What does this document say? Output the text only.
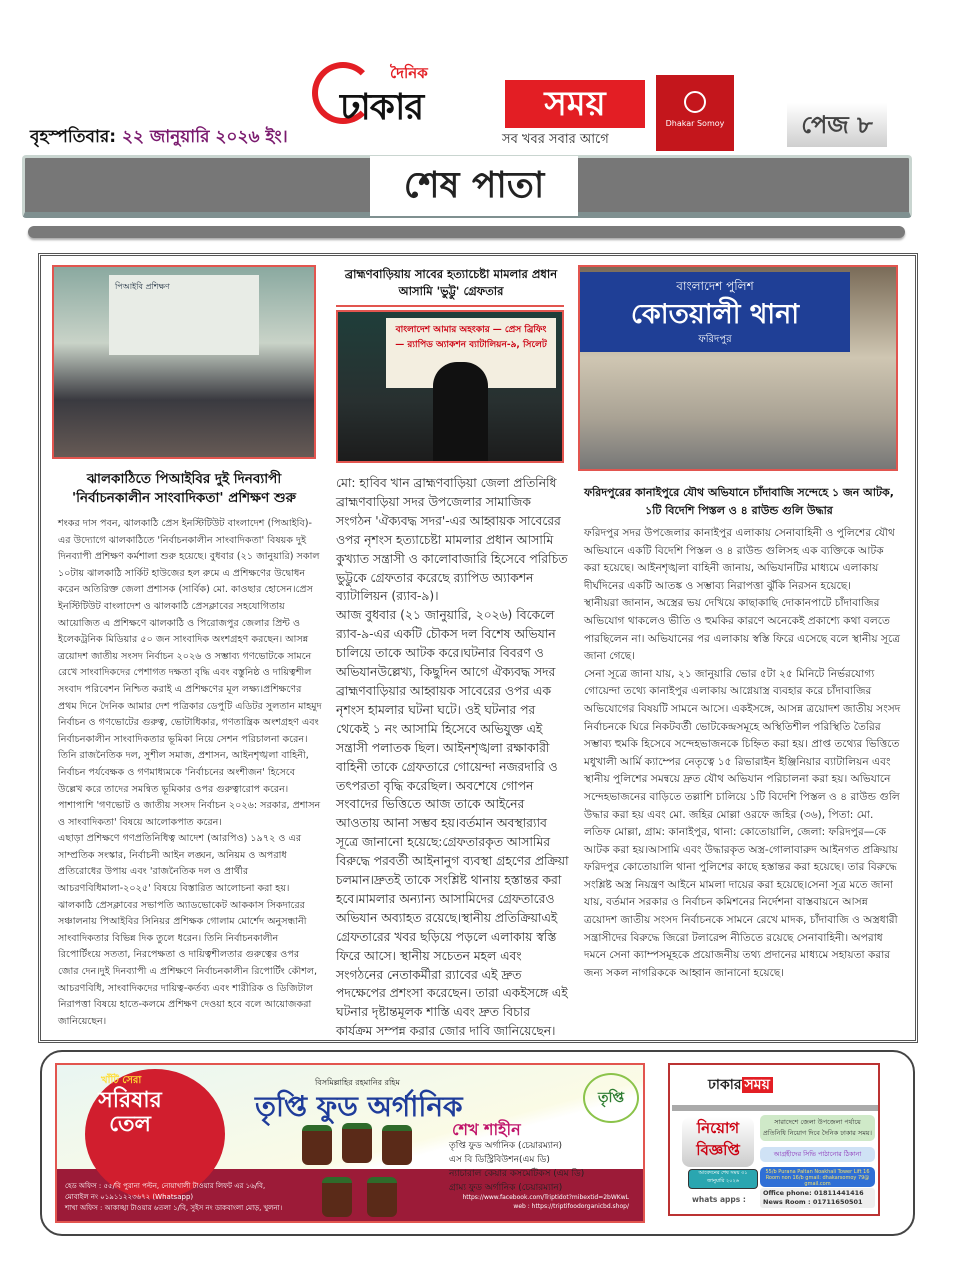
দৈনিক
ঢাকার	সময়
সব খবর সবার আগে
Dhakar Somoy	পেজ ৮
বৃহস্পতিবার: ২২ জানুয়ারি ২০২৬ ইং।
শেষ পাতা
পিআইবি প্রশিক্ষণ
ঝালকাঠিতে পিআইবির দুই দিনব্যাপী 'নির্বাচনকালীন সাংবাদিকতা' প্রশিক্ষণ শুরু

শংকর দাস পবন, ঝালকাঠি প্রেস ইনস্টিটিউট বাংলাদেশ (পিআইবি)-এর উদ্যোগে ঝালকাঠিতে 'নির্বাচনকালীন সাংবাদিকতা' বিষয়ক দুই দিনব্যাপী প্রশিক্ষণ কর্মশালা শুরু হয়েছে। বুধবার (২১ জানুয়ারি) সকাল ১০টায় ঝালকাঠি সার্কিট হাউজের হল রুমে এ প্রশিক্ষণের উদ্বোধন করেন অতিরিক্ত জেলা প্রশাসক (সার্বিক) মো. কাওছার হোসেন।প্রেস ইনস্টিটিউট বাংলাদেশ ও ঝালকাঠি প্রেসক্লাবের সহযোগিতায় আয়োজিত এ প্রশিক্ষণে ঝালকাঠি ও পিরোজপুর জেলার প্রিন্ট ও ইলেকট্রনিক মিডিয়ার ৫০ জন সাংবাদিক অংশগ্রহণ করছেন। আসন্ন ত্রয়োদশ জাতীয় সংসদ নির্বাচন ২০২৬ ও সম্ভাব্য গণভোটকে সামনে রেখে সাংবাদিকদের পেশাগত দক্ষতা বৃদ্ধি এবং বস্তুনিষ্ঠ ও দায়িত্বশীল সংবাদ পরিবেশন নিশ্চিত করাই এ প্রশিক্ষণের মূল লক্ষ্য।প্রশিক্ষণের প্রথম দিনে দৈনিক আমার দেশ পত্রিকার ডেপুটি এডিটর সুলতান মাহমুদ নির্বাচন ও গণভোটের গুরুত্ব, ভোটাধিকার, গণতান্ত্রিক অংশগ্রহণ এবং নির্বাচনকালীন সাংবাদিকতার ভূমিকা নিয়ে সেশন পরিচালনা করেন। তিনি রাজনৈতিক দল, সুশীল সমাজ, প্রশাসন, আইনশৃঙ্খলা বাহিনী, নির্বাচন পর্যবেক্ষক ও গণমাধ্যমকে 'নির্বাচনের অংশীজন' হিসেবে উল্লেখ করে তাদের সমন্বিত ভূমিকার ওপর গুরুত্বারোপ করেন। পাশাপাশি 'গণভোট ও জাতীয় সংসদ নির্বাচন ২০২৬: সরকার, প্রশাসন ও সাংবাদিকতা' বিষয়ে আলোকপাত করেন।

এছাড়া প্রশিক্ষণে গণপ্রতিনিধিত্ব আদেশ (আরপিও) ১৯৭২ ও এর সাম্প্রতিক সংস্কার, নির্বাচনী আইন লঙ্ঘন, অনিয়ম ও অপরাধ প্রতিরোধের উপায় এবং 'রাজনৈতিক দল ও প্রার্থীর আচরণবিধিমালা-২০২৫' বিষয়ে বিস্তারিত আলোচনা করা হয়।ঝালকাঠি প্রেসক্লাবের সভাপতি অ্যাডভোকেট আককাস সিকদারের সঞ্চালনায় পিআইবির সিনিয়র প্রশিক্ষক গোলাম মোর্শেদ অনুসন্ধানী সাংবাদিকতার বিভিন্ন দিক তুলে ধরেন। তিনি নির্বাচনকালীন রিপোর্টিংয়ে সততা, নিরপেক্ষতা ও দায়িত্বশীলতার গুরুত্বের ওপর জোর দেন।দুই দিনব্যাপী এ প্রশিক্ষণে নির্বাচনকালীন রিপোর্টিং কৌশল, আচরণবিধি, সাংবাদিকদের দায়িত্ব-কর্তব্য এবং শারীরিক ও ডিজিটাল নিরাপত্তা বিষয়ে হাতে-কলমে প্রশিক্ষণ দেওয়া হবে বলে আয়োজকরা জানিয়েছেন।

ব্রাহ্মণবাড়িয়ায় সাবের হত্যাচেষ্টা মামলার প্রধান আসামি 'ভুট্টু' গ্রেফতার
বাংলাদেশ আমার অহংকার — প্রেস ব্রিফিং — র‍্যাপিড অ্যাকশন ব্যাটালিয়ন-৯, সিলেট

মো: হাবিব খান ব্রাহ্মণবাড়িয়া জেলা প্রতিনিধি ব্রাহ্মণবাড়িয়া সদর উপজেলার সামাজিক সংগঠন 'ঐক্যবদ্ধ সদর'-এর আহ্বায়ক সাবেরের ওপর নৃশংস হত্যাচেষ্টা মামলার প্রধান আসামি কুখ্যাত সন্ত্রাসী ও কালোবাজারি হিসেবে পরিচিত ভুট্টুকে গ্রেফতার করেছে র‍্যাপিড অ্যাকশন ব্যাটালিয়ন (র‍্যাব-৯)।

আজ বুধবার (২১ জানুয়ারি, ২০২৬) বিকেলে র‍্যাব-৯-এর একটি চৌকস দল বিশেষ অভিযান চালিয়ে তাকে আটক করে।ঘটনার বিবরণ ও অভিযানউল্লেখ্য, কিছুদিন আগে ঐক্যবদ্ধ সদর ব্রাহ্মণবাড়িয়ার আহ্বায়ক সাবেরের ওপর এক নৃশংস হামলার ঘটনা ঘটে। ওই ঘটনার পর থেকেই ১ নং আসামি হিসেবে অভিযুক্ত এই সন্ত্রাসী পলাতক ছিল। আইনশৃঙ্খলা রক্ষাকারী বাহিনী তাকে গ্রেফতারে গোয়েন্দা নজরদারি ও তৎপরতা বৃদ্ধি করেছিল। অবশেষে গোপন সংবাদের ভিত্তিতে আজ তাকে আইনের আওতায় আনা সম্ভব হয়।বর্তমান অবস্থার‍্যাব সূত্রে জানানো হয়েছে:গ্রেফতারকৃত আসামির বিরুদ্ধে পরবর্তী আইনানুগ ব্যবস্থা গ্রহণের প্রক্রিয়া চলমান।দ্রুতই তাকে সংশ্লিষ্ট থানায় হস্তান্তর করা হবে।মামলার অন্যান্য আসামিদের গ্রেফতারেও অভিযান অব্যাহত রয়েছে।স্থানীয় প্রতিক্রিয়াএই গ্রেফতারের খবর ছড়িয়ে পড়লে এলাকায় স্বস্তি ফিরে আসে। স্থানীয় সচেতন মহল এবং সংগঠনের নেতাকর্মীরা র‍্যাবের এই দ্রুত পদক্ষেপের প্রশংসা করেছেন। তারা একইসঙ্গে এই ঘটনার দৃষ্টান্তমূলক শাস্তি এবং দ্রুত বিচার কার্যক্রম সম্পন্ন করার জোর দাবি জানিয়েছেন।

বাংলাদেশ পুলিশ
কোতয়ালী থানা
ফরিদপুর
ফরিদপুরের কানাইপুরে যৌথ অভিযানে চাঁদাবাজি সন্দেহে ১ জন আটক, ১টি বিদেশি পিস্তল ও ৪ রাউন্ড গুলি উদ্ধার

ফরিদপুর সদর উপজেলার কানাইপুর এলাকায় সেনাবাহিনী ও পুলিশের যৌথ অভিযানে একটি বিদেশি পিস্তল ও ৪ রাউন্ড গুলিসহ এক ব্যক্তিকে আটক করা হয়েছে। আইনশৃঙ্খলা বাহিনী জানায়, অভিযানটির মাধ্যমে এলাকায় দীর্ঘদিনের একটি আতঙ্ক ও সম্ভাব্য নিরাপত্তা ঝুঁকি নিরসন হয়েছে।

স্থানীয়রা জানান, অস্ত্রের ভয় দেখিয়ে কাছাকাছি দোকানপাটে চাঁদাবাজির অভিযোগ থাকলেও ভীতি ও হুমকির কারণে অনেকেই প্রকাশ্যে কথা বলতে পারছিলেন না। অভিযানের পর এলাকায় স্বস্তি ফিরে এসেছে বলে স্থানীয় সূত্রে জানা গেছে।

সেনা সূত্রে জানা যায়, ২১ জানুয়ারি ভোর ৫টা ২৫ মিনিটে নির্ভরযোগ্য গোয়েন্দা তথ্যে কানাইপুর এলাকায় আগ্নেয়াস্ত্র ব্যবহার করে চাঁদাবাজির অভিযোগের বিষয়টি সামনে আসে। একইসঙ্গে, আসন্ন ত্রয়োদশ জাতীয় সংসদ নির্বাচনকে ঘিরে নিকটবর্তী ভোটকেন্দ্রসমূহে অস্থিতিশীল পরিস্থিতি তৈরির সম্ভাব্য হুমকি হিসেবে সন্দেহভাজনকে চিহ্নিত করা হয়। প্রাপ্ত তথ্যের ভিত্তিতে মধুখালী আর্মি ক্যাম্পের নেতৃত্বে ১৫ রিভারাইন ইঞ্জিনিয়ার ব্যাটালিয়ন এবং স্থানীয় পুলিশের সমন্বয়ে দ্রুত যৌথ অভিযান পরিচালনা করা হয়। অভিযানে সন্দেহভাজনের বাড়িতে তল্লাশি চালিয়ে ১টি বিদেশি পিস্তল ও ৪ রাউন্ড গুলি উদ্ধার করা হয় এবং মো. জহির মোল্লা ওরফে জহির (৩৬), পিতা: মো. লতিফ মোল্লা, গ্রাম: কানাইপুর, থানা: কোতোয়ালি, জেলা: ফরিদপুর—কে আটক করা হয়।আসামি এবং উদ্ধারকৃত অস্ত্র-গোলাবারুদ আইনগত প্রক্রিয়ায় ফরিদপুর কোতোয়ালি থানা পুলিশের কাছে হস্তান্তর করা হয়েছে। তার বিরুদ্ধে সংশ্লিষ্ট অস্ত্র নিয়ন্ত্রণ আইনে মামলা দায়ের করা হয়েছে।সেনা সূত্র মতে জানা যায়, বর্তমান সরকার ও নির্বাচন কমিশনের নির্দেশনা বাস্তবায়নে আসন্ন ত্রয়োদশ জাতীয় সংসদ নির্বাচনকে সামনে রেখে মাদক, চাঁদাবাজি ও অস্ত্রধারী সন্ত্রাসীদের বিরুদ্ধে জিরো টলারেন্স নীতিতে রয়েছে সেনাবাহিনী। অপরাধ দমনে সেনা ক্যাম্পসমূহকে প্রয়োজনীয় তথ্য প্রদানের মাধ্যমে সহায়তা করার জন্য সকল নাগরিককে আহ্বান জানানো হয়েছে।

খাঁটি সেরা
সরিষার তেল
বিসমিল্লাহির রহমানির রহিম
তৃপ্তি ফুড অর্গানিক	তৃপ্তি
শেখ শাহীন
তৃপ্তি ফুড অর্গানিক (চেয়ারম্যান)
এস বি ডিস্ট্রিবিউশন(এম ডি)
ন্যাচারাল কেয়ার কসমেটিকস (এম ডি)
গ্রাম্য ফুড অর্গানিক (চেয়ারম্যান)
https://www.facebook.com/Triptidot?mibextid=2bWKwL
web : https://triptifoodorganicbd.shop/
হেড অফিস : ৫৫/বি পুরানা পল্টন, নোয়াখালী টাওয়ার লিফট এর ১৬/বি,
মোবাইল নং ০১৯১১২২৩৬৭২ (Whatsapp)
শাখা অফিস : আকাঙ্খা টাওয়ার ৬তলা ১/বি, সুইস নং ডাকবাংলা মোড়, খুলনা।
ঢাকার সময়
নিয়োগ
বিজ্ঞপ্তি
সারাদেশে জেলা উপজেলা পর্যায়ে প্রতিনিধি নিয়োগ দিবে দৈনিক ঢাকার সময়।
আগ্রহীদের সিভি পাঠানোর ঠিকানা
55/b Purana Paltan Noakhali Tower Lift 16 Room non 16/b gmail: dhakarsomoy 79@ gmail.com
আবেদনের শেষ সময় ৩১ জানুয়ারি ২০২৬
whats apps :
Office phone: 01811441416
News Room : 01711650501
